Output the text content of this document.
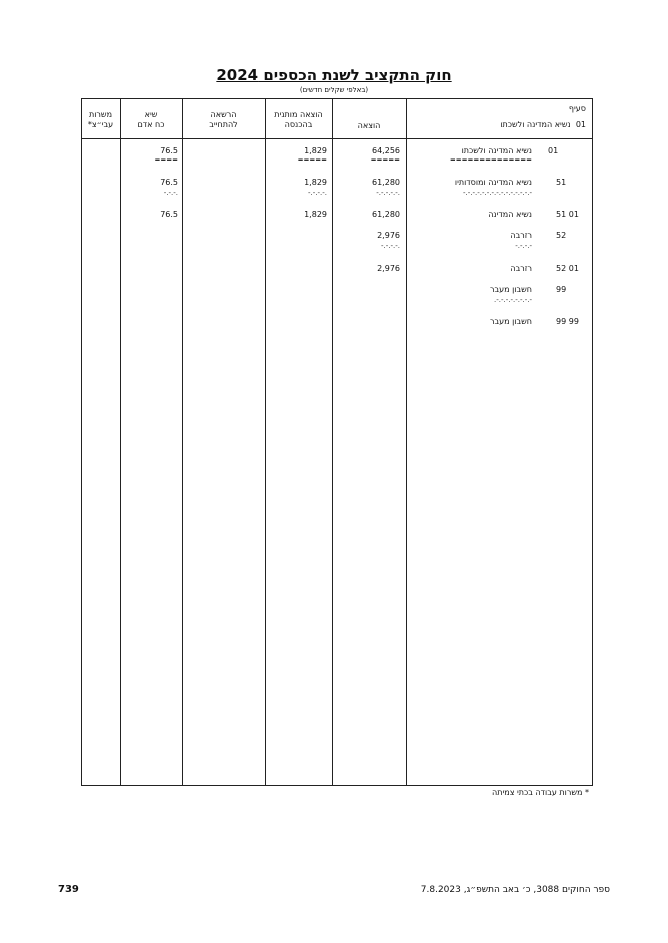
חוק התקציב לשנת הכספים 2024
(באלפי שקלים חדשים)
סעיף
01  נשיא המדינה ולשכתו
הוצאה
הוצאה מותנית
בהכנסה
הרשאה
להתחייב
שיא
כח אדם
משרות
עבי״צ*
01
נשיא המדינה ולשכתו
==============
64,256
=====
1,829
=====
76.5
====
51
נשיא המדינה ומוסדותיו
-.-.-.-.-.-.-.-.-.-.-.-.-.-.-
61,280
-.-.-.-.-.
1,829
-.-.-.-.
76.5
-.-.-.
51 01
נשיא המדינה
61,280
1,829
76.5
52
רזרבה
-.-.-.-
2,976
-.-.-.-.
52 01
רזרבה
2,976
99
חשבון מעבר
-.-.-.-.-.-.-.-.
99 99
חשבון מעבר
* משרות עבודה בכתי צמיתה
ספר החוקים 3088, כ׳ באב התשפ״ג, 7.8.2023
739
